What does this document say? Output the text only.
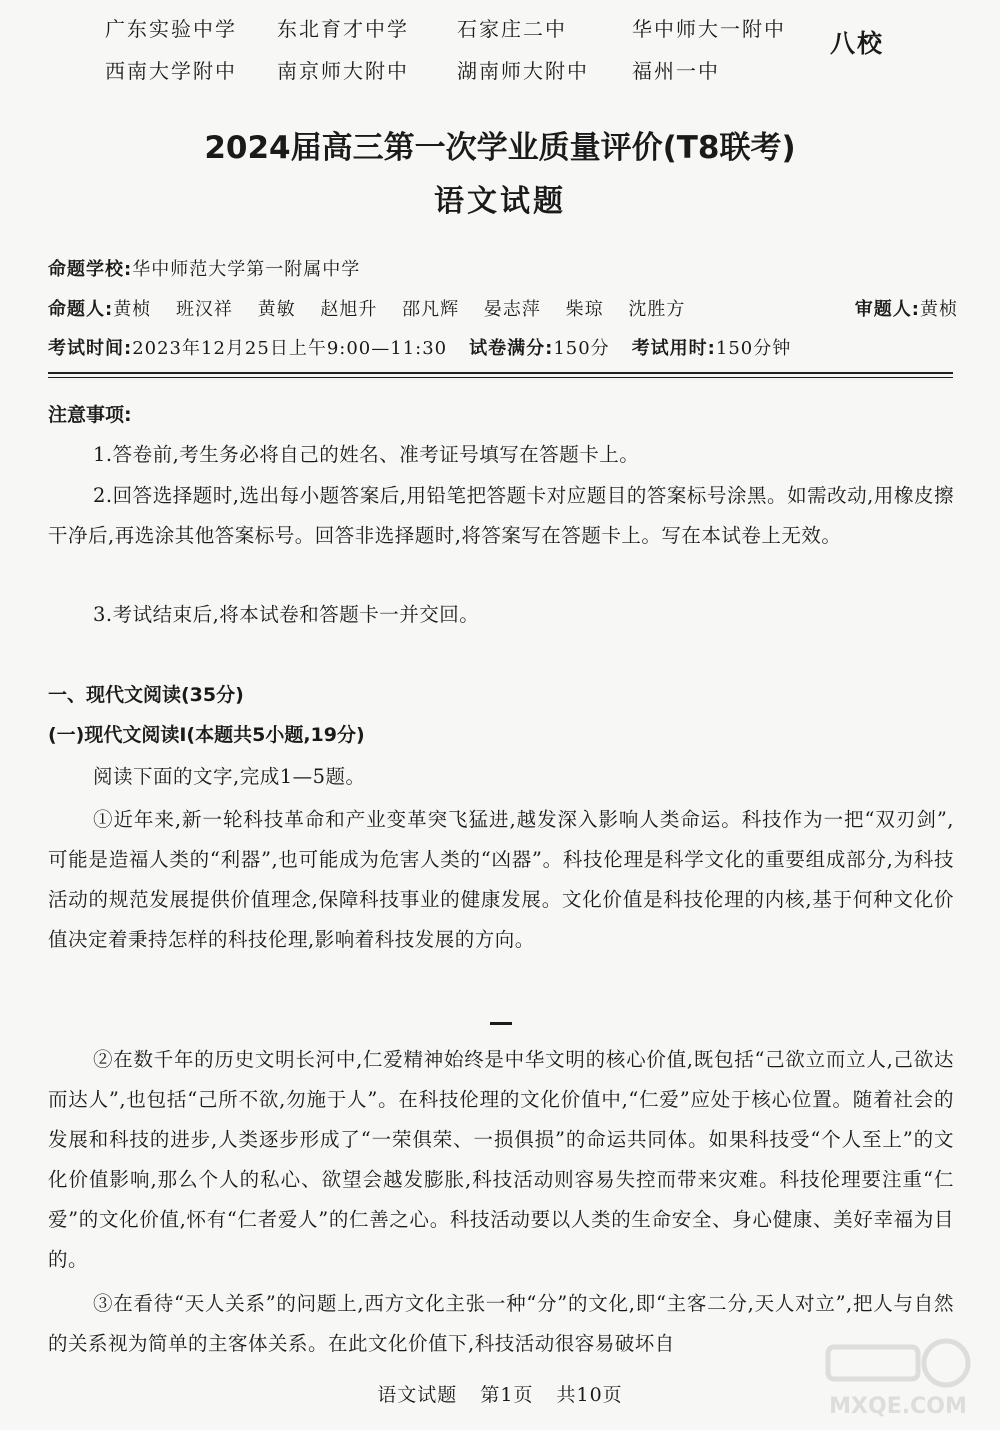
广东实验中学	东北育才中学	石家庄二中	华中师大一附中
西南大学附中	南京师大附中	湖南师大附中	福州一中
八校
2024届高三第一次学业质量评价(T8联考)
语文试题
命题学校:华中师范大学第一附属中学
命题人:黄桢 班汉祥 黄敏 赵旭升 邵凡辉 晏志萍 柴琼 沈胜方	审题人:黄桢
考试时间: 2023年12月25日上午9:00—11:30 试卷满分: 150分 考试用时: 150分钟
注意事项:
1.答卷前,考生务必将自己的姓名、准考证号填写在答题卡上。
2.回答选择题时,选出每小题答案后,用铅笔把答题卡对应题目的答案标号涂黑。如需改动,用橡皮擦干净后,再选涂其他答案标号。回答非选择题时,将答案写在答题卡上。写在本试卷上无效。
3.考试结束后,将本试卷和答题卡一并交回。
一、现代文阅读(35分)
(一)现代文阅读Ⅰ(本题共5小题,19分)
阅读下面的文字,完成1—5题。
①近年来,新一轮科技革命和产业变革突飞猛进,越发深入影响人类命运。科技作为一把“双刃剑”,可能是造福人类的“利器”,也可能成为危害人类的“凶器”。科技伦理是科学文化的重要组成部分,为科技活动的规范发展提供价值理念,保障科技事业的健康发展。文化价值是科技伦理的内核,基于何种文化价值决定着秉持怎样的科技伦理,影响着科技发展的方向。
②在数千年的历史文明长河中,仁爱精神始终是中华文明的核心价值,既包括“己欲立而立人,己欲达而达人”,也包括“己所不欲,勿施于人”。在科技伦理的文化价值中,“仁爱”应处于核心位置。随着社会的发展和科技的进步,人类逐步形成了“一荣俱荣、一损俱损”的命运共同体。如果科技受“个人至上”的文化价值影响,那么个人的私心、欲望会越发膨胀,科技活动则容易失控而带来灾难。科技伦理要注重“仁爱”的文化价值,怀有“仁者爱人”的仁善之心。科技活动要以人类的生命安全、身心健康、美好幸福为目的。
③在看待“天人关系”的问题上,西方文化主张一种“分”的文化,即“主客二分,天人对立”,把人与自然的关系视为简单的主客体关系。在此文化价值下,科技活动很容易破坏自
语文试题 第1页 共10页	MXQE.COM
